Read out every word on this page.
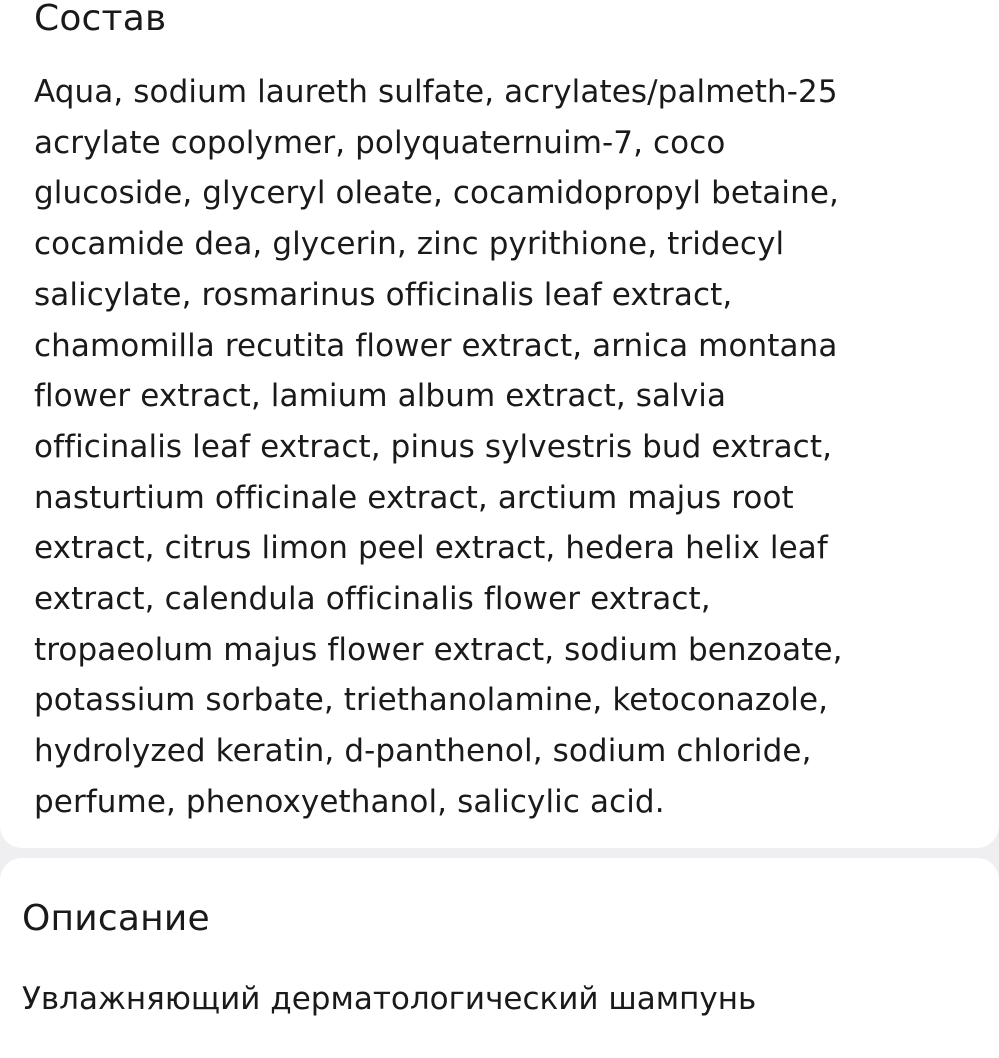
Состав

Aqua, sodium laureth sulfate, acrylates/palmeth-25
acrylate copolymer, polyquaternuim-7, coco
glucoside, glyceryl oleate, cocamidopropyl betaine,
cocamide dea, glycerin, zinc pyrithione, tridecyl
salicylate, rosmarinus officinalis leaf extract,
chamomilla recutita flower extract, arnica montana
flower extract, lamium album extract, salvia
officinalis leaf extract, pinus sylvestris bud extract,
nasturtium officinale extract, arctium majus root
extract, citrus limon peel extract, hedera helix leaf
extract, calendula officinalis flower extract,
tropaeolum majus flower extract, sodium benzoate,
potassium sorbate, triethanolamine, ketoconazole,
hydrolyzed keratin, d-panthenol, sodium chloride,
perfume, phenoxyethanol, salicylic acid.

Описание

Увлажняющий дерматологический шампунь
